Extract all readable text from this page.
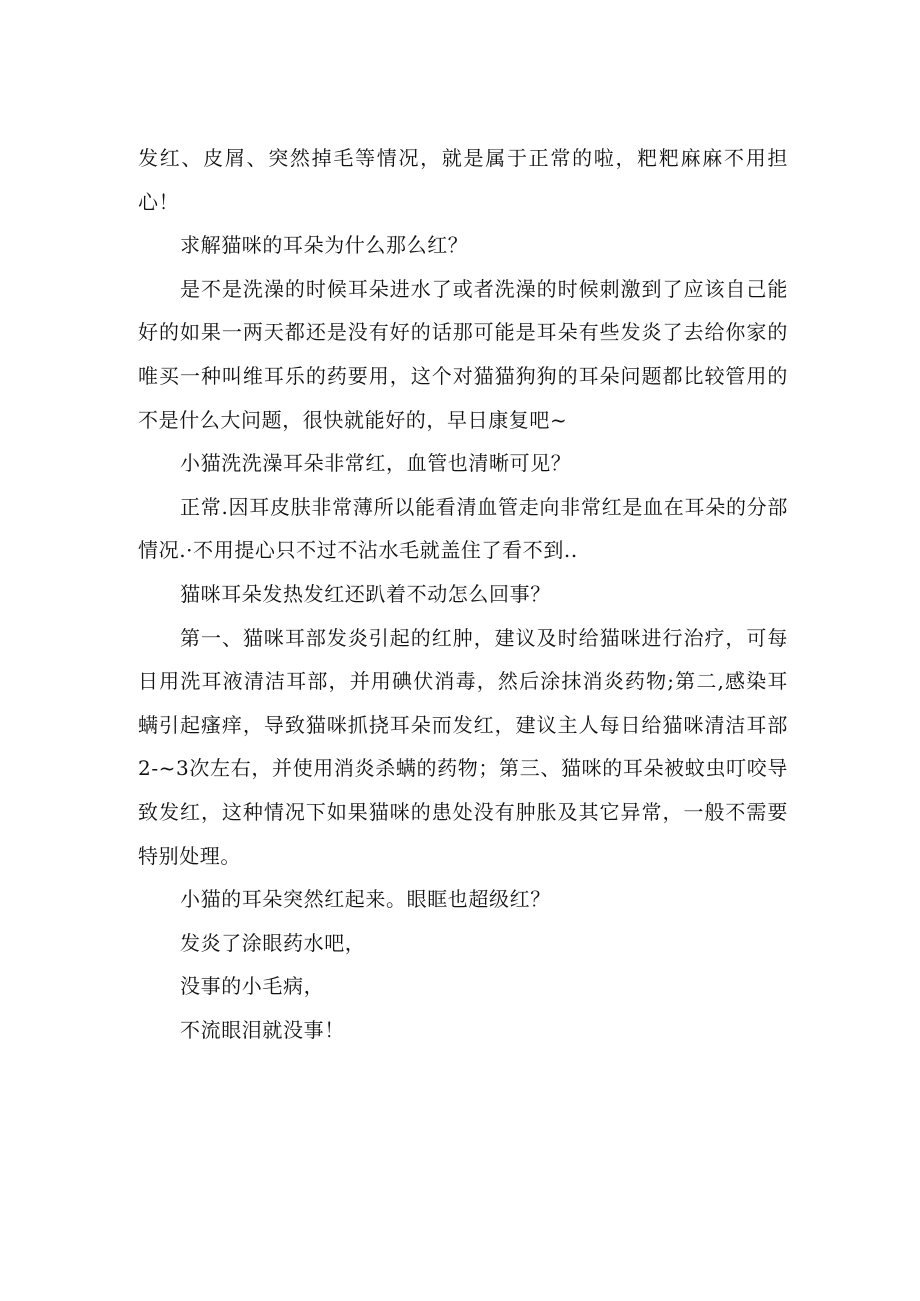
发红、皮屑、突然掉毛等情况，就是属于正常的啦，粑粑麻麻不用担心！

求解猫咪的耳朵为什么那么红？

是不是洗澡的时候耳朵进水了或者洗澡的时候刺激到了应该自己能好的如果一两天都还是没有好的话那可能是耳朵有些发炎了去给你家的唯买一种叫维耳乐的药要用，这个对猫猫狗狗的耳朵问题都比较管用的不是什么大问题，很快就能好的，早日康复吧~

小猫洗洗澡耳朵非常红，血管也清晰可见？

正常.因耳皮肤非常薄所以能看清血管走向非常红是血在耳朵的分部情况.·不用提心只不过不沾水毛就盖住了看不到..

猫咪耳朵发热发红还趴着不动怎么回事？

第一、猫咪耳部发炎引起的红肿，建议及时给猫咪进行治疗，可每日用洗耳液清洁耳部，并用碘伏消毒，然后涂抹消炎药物;第二,感染耳螨引起瘙痒，导致猫咪抓挠耳朵而发红，建议主人每日给猫咪清洁耳部2-~3次左右，并使用消炎杀螨的药物；第三、猫咪的耳朵被蚊虫叮咬导致发红，这种情况下如果猫咪的患处没有肿胀及其它异常，一般不需要特别处理。

小猫的耳朵突然红起来。眼眶也超级红？

发炎了涂眼药水吧，

没事的小毛病，

不流眼泪就没事！
